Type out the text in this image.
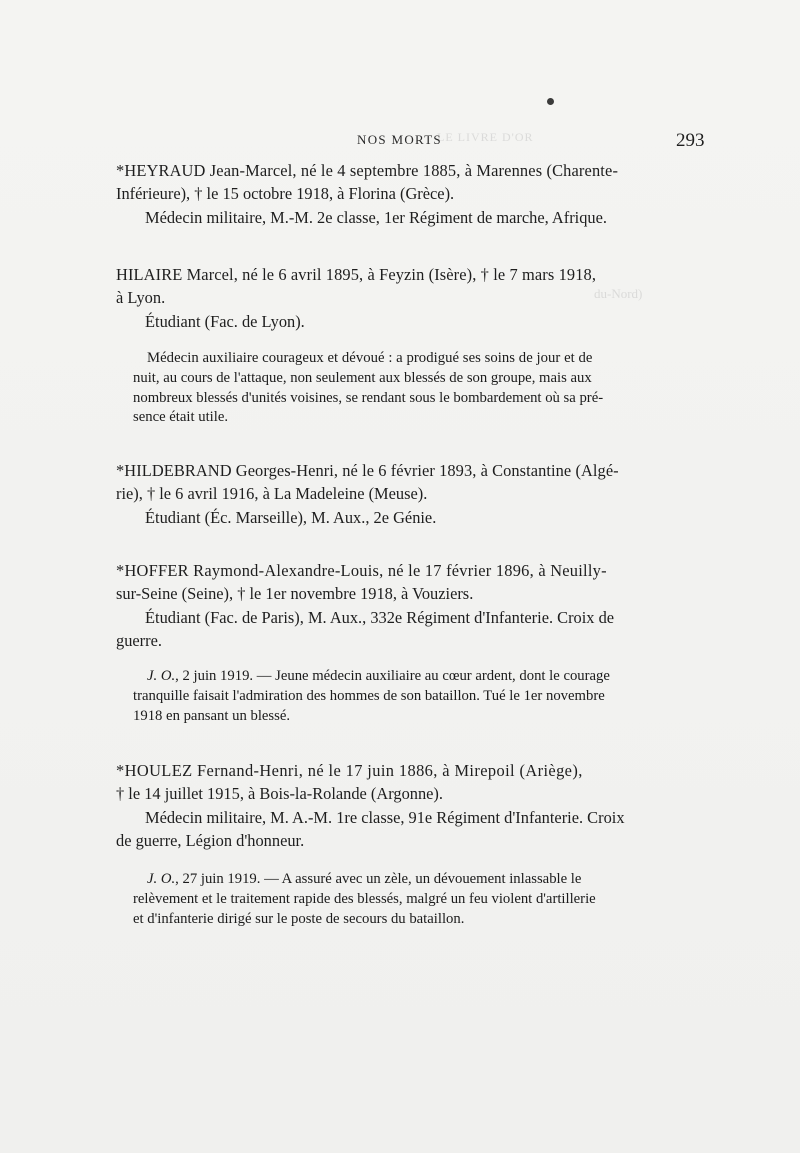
NOS MORTS	293
LE LIVRE D'OR
du-Nord)
*HEYRAUD Jean-Marcel, né le 4 septembre 1885, à Marennes (Charente-
Inférieure), † le 15 octobre 1918, à Florina (Grèce).
Médecin militaire, M.-M. 2e classe, 1er Régiment de marche, Afrique.
HILAIRE Marcel, né le 6 avril 1895, à Feyzin (Isère), † le 7 mars 1918,
à Lyon.
Étudiant (Fac. de Lyon).
Médecin auxiliaire courageux et dévoué : a prodigué ses soins de jour et de
nuit, au cours de l'attaque, non seulement aux blessés de son groupe, mais aux
nombreux blessés d'unités voisines, se rendant sous le bombardement où sa pré-
sence était utile.
*HILDEBRAND Georges-Henri, né le 6 février 1893, à Constantine (Algé-
rie), † le 6 avril 1916, à La Madeleine (Meuse).
Étudiant (Éc. Marseille), M. Aux., 2e Génie.
*HOFFER Raymond-Alexandre-Louis, né le 17 février 1896, à Neuilly-
sur-Seine (Seine), † le 1er novembre 1918, à Vouziers.
Étudiant (Fac. de Paris), M. Aux., 332e Régiment d'Infanterie. Croix de
guerre.
J. O., 2 juin 1919. — Jeune médecin auxiliaire au cœur ardent, dont le courage
tranquille faisait l'admiration des hommes de son bataillon. Tué le 1er novembre
1918 en pansant un blessé.
*HOULEZ Fernand-Henri, né le 17 juin 1886, à Mirepoil (Ariège),
† le 14 juillet 1915, à Bois-la-Rolande (Argonne).
Médecin militaire, M. A.-M. 1re classe, 91e Régiment d'Infanterie. Croix
de guerre, Légion d'honneur.
J. O., 27 juin 1919. — A assuré avec un zèle, un dévouement inlassable le
relèvement et le traitement rapide des blessés, malgré un feu violent d'artillerie
et d'infanterie dirigé sur le poste de secours du bataillon.
